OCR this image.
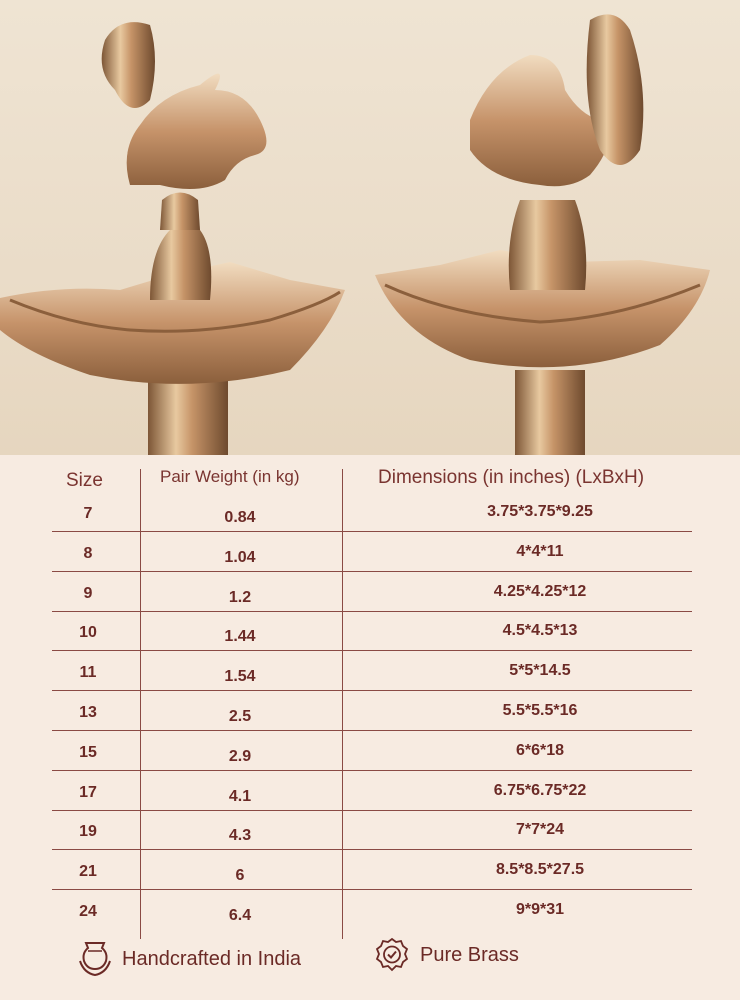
Size	Pair Weight (in kg)	Dimensions (in inches) (LxBxH)
7	0.84	3.75*3.75*9.25
8	1.04	4*4*11
9	1.2	4.25*4.25*12
10	1.44	4.5*4.5*13
11	1.54	5*5*14.5
13	2.5	5.5*5.5*16
15	2.9	6*6*18
17	4.1	6.75*6.75*22
19	4.3	7*7*24
21	6	8.5*8.5*27.5
24	6.4	9*9*31
Handcrafted in India	Pure Brass
